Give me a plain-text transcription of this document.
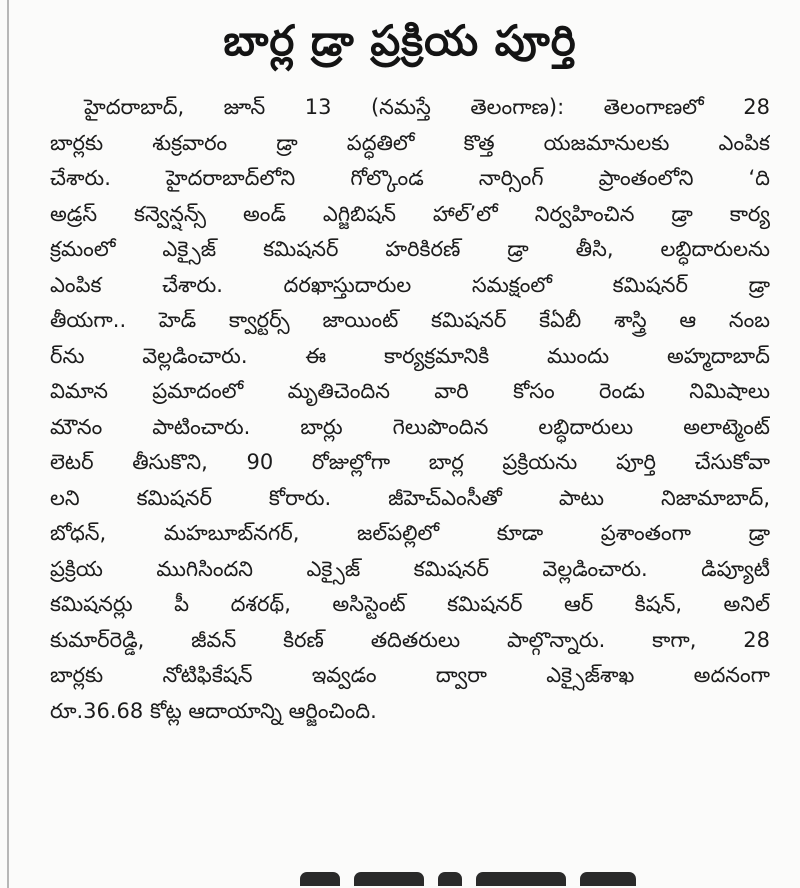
బార్ల డ్రా ప్రక్రియ పూర్తి
హైదరాబాద్, జూన్ 13 (నమస్తే తెలంగాణ): తెలంగాణలో 28
బార్లకు శుక్రవారం డ్రా పద్ధతిలో కొత్త యజమానులకు ఎంపిక
చేశారు. హైదరాబాద్‌లోని గోల్కొండ నార్సింగ్ ప్రాంతంలోని ‘ది
అడ్రస్ కన్వెన్షన్స్ అండ్ ఎగ్జిబిషన్ హాల్’లో నిర్వహించిన డ్రా కార్య
క్రమంలో ఎక్సైజ్ కమిషనర్ హరికిరణ్ డ్రా తీసి, లబ్ధిదారులను
ఎంపిక చేశారు. దరఖాస్తుదారుల సమక్షంలో కమిషనర్ డ్రా
తీయగా.. హెడ్ క్వార్టర్స్ జాయింట్ కమిషనర్ కేఏబీ శాస్త్రి ఆ నంబ
ర్‌ను వెల్లడించారు. ఈ కార్యక్రమానికి ముందు అహ్మదాబాద్
విమాన ప్రమాదంలో మృతిచెందిన వారి కోసం రెండు నిమిషాలు
మౌనం పాటించారు. బార్లు గెలుపొందిన లబ్ధిదారులు అలాట్మెంట్
లెటర్ తీసుకొని, 90 రోజుల్లోగా బార్ల ప్రక్రియను పూర్తి చేసుకోవా
లని కమిషనర్ కోరారు. జీహెచ్‌ఎంసీతో పాటు నిజామాబాద్,
బోధన్, మహబూబ్‌నగర్, జల్‌పల్లిలో కూడా ప్రశాంతంగా డ్రా
ప్రక్రియ ముగిసిందని ఎక్సైజ్ కమిషనర్ వెల్లడించారు. డిప్యూటీ
కమిషనర్లు పీ దశరథ్, అసిస్టెంట్ కమిషనర్ ఆర్ కిషన్, అనిల్
కుమార్‌రెడ్డి, జీవన్ కిరణ్ తదితరులు పాల్గొన్నారు. కాగా, 28
బార్లకు నోటిఫికేషన్ ఇవ్వడం ద్వారా ఎక్సైజ్‌శాఖ అదనంగా
రూ.36.68 కోట్ల ఆదాయాన్ని ఆర్జించింది.
